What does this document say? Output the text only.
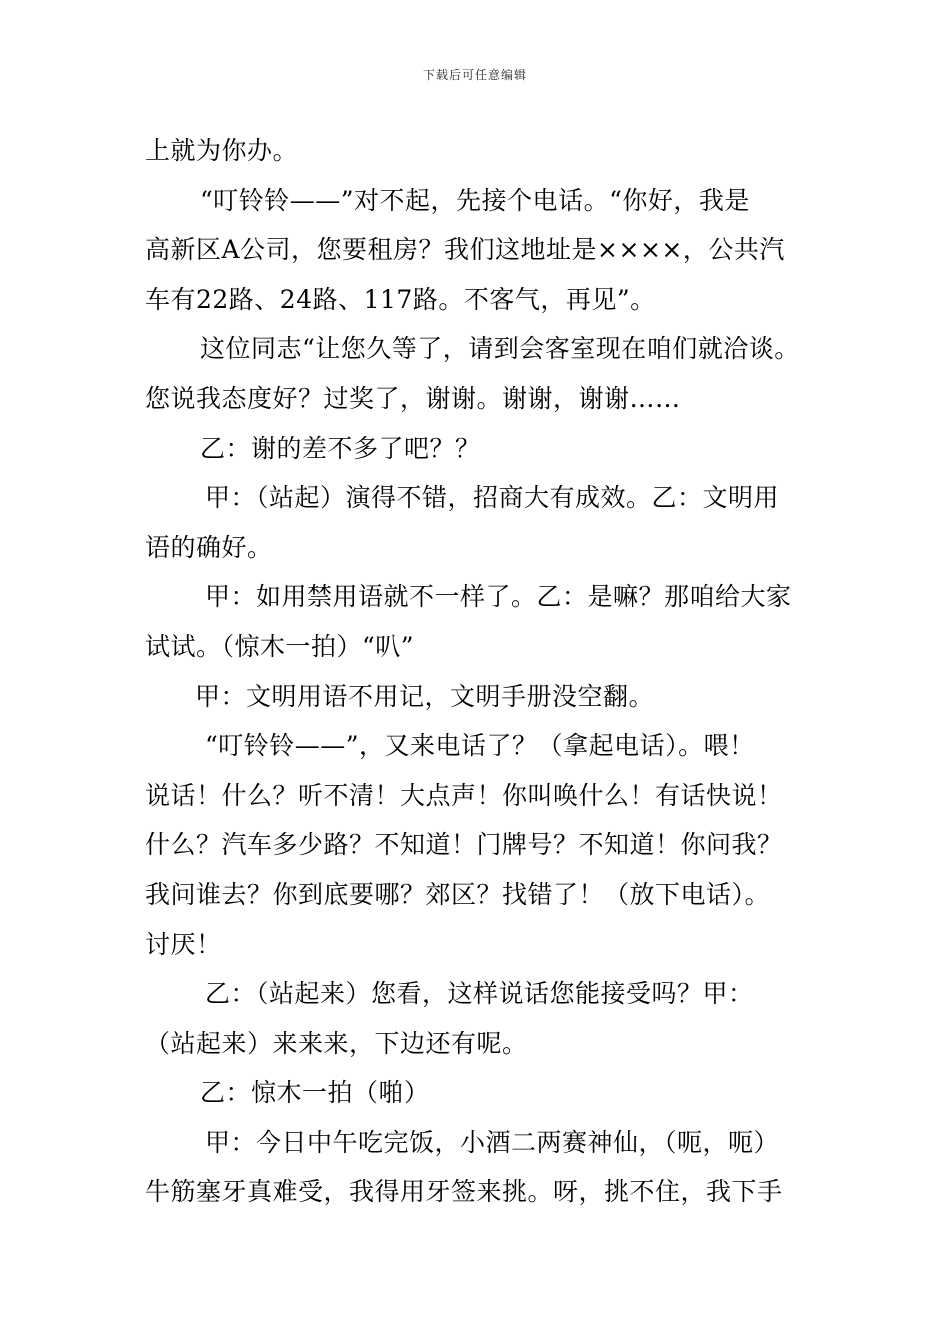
下载后可任意编辑
上就为你办。
“叮铃铃——”对不起，先接个电话。“你好，我是
高新区A公司，您要租房？我们这地址是××××，公共汽
车有22路、24路、117路。不客气，再见”。
这位同志“让您久等了，请到会客室现在咱们就洽谈。
您说我态度好？过奖了，谢谢。谢谢，谢谢……
乙：谢的差不多了吧？？
甲：（站起）演得不错，招商大有成效。乙：文明用
语的确好。
甲：如用禁用语就不一样了。乙：是嘛？那咱给大家
试试。（惊木一拍）“叭”
甲：文明用语不用记，文明手册没空翻。
“叮铃铃——”，又来电话了？（拿起电话）。喂！
说话！什么？听不清！大点声！你叫唤什么！有话快说！
什么？汽车多少路？不知道！门牌号？不知道！你问我？
我问谁去？你到底要哪？郊区？找错了！（放下电话）。
讨厌！
乙：（站起来）您看，这样说话您能接受吗？甲：
（站起来）来来来，下边还有呢。
乙：惊木一拍（啪）
甲：今日中午吃完饭，小酒二两赛神仙，（呃，呃）
牛筋塞牙真难受，我得用牙签来挑。呀，挑不住，我下手
